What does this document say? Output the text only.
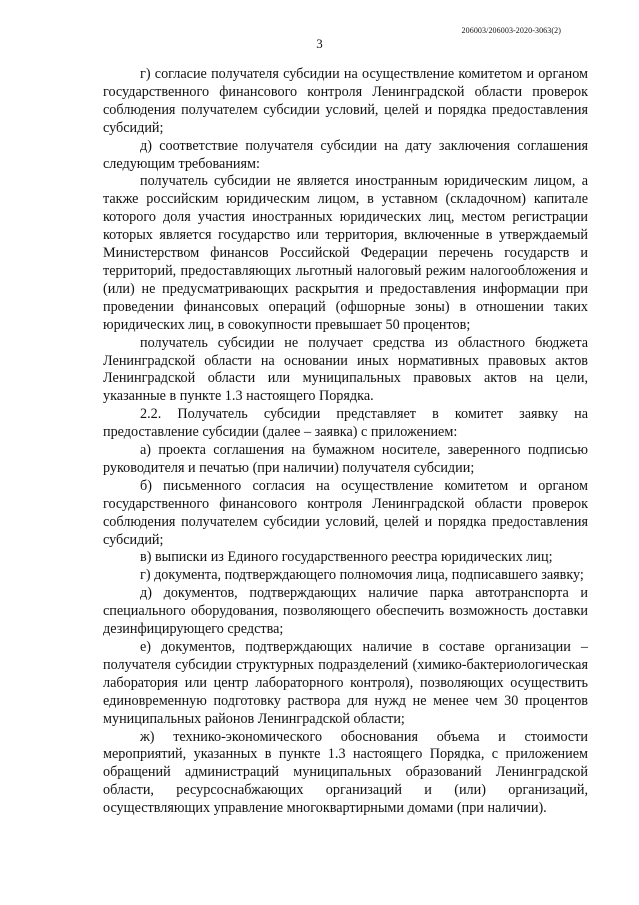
206003/206003-2020-3063(2)
3

г) согласие получателя субсидии на осуществление комитетом и органом государственного финансового контроля Ленинградской области проверок соблюдения получателем субсидии условий, целей и порядка предоставления субсидий;

д) соответствие получателя субсидии на дату заключения соглашения следующим требованиям:

получатель субсидии не является иностранным юридическим лицом, а также российским юридическим лицом, в уставном (складочном) капитале которого доля участия иностранных юридических лиц, местом регистрации которых является государство или территория, включенные в утверждаемый Министерством финансов Российской Федерации перечень государств и территорий, предоставляющих льготный налоговый режим налогообложения и (или) не предусматривающих раскрытия и предоставления информации при проведении финансовых операций (офшорные зоны) в отношении таких юридических лиц, в совокупности превышает 50 процентов;

получатель субсидии не получает средства из областного бюджета Ленинградской области на основании иных нормативных правовых актов Ленинградской области или муниципальных правовых актов на цели, указанные в пункте 1.3 настоящего Порядка.

2.2. Получатель субсидии представляет в комитет заявку на предоставление субсидии (далее – заявка) с приложением:

а) проекта соглашения на бумажном носителе, заверенного подписью руководителя и печатью (при наличии) получателя субсидии;

б) письменного согласия на осуществление комитетом и органом государственного финансового контроля Ленинградской области проверок соблюдения получателем субсидии условий, целей и порядка предоставления субсидий;

в) выписки из Единого государственного реестра юридических лиц;

г) документа, подтверждающего полномочия лица, подписавшего заявку;

д) документов, подтверждающих наличие парка автотранспорта и специального оборудования, позволяющего обеспечить возможность доставки дезинфицирующего средства;

е) документов, подтверждающих наличие в составе организации – получателя субсидии структурных подразделений (химико-бактериологическая лаборатория или центр лабораторного контроля), позволяющих осуществить единовременную подготовку раствора для нужд не менее чем 30 процентов муниципальных районов Ленинградской области;

ж) технико-экономического обоснования объема и стоимости мероприятий, указанных в пункте 1.3 настоящего Порядка, с приложением обращений администраций муниципальных образований Ленинградской области, ресурсоснабжающих организаций и (или) организаций, осуществляющих управление многоквартирными домами (при наличии).
